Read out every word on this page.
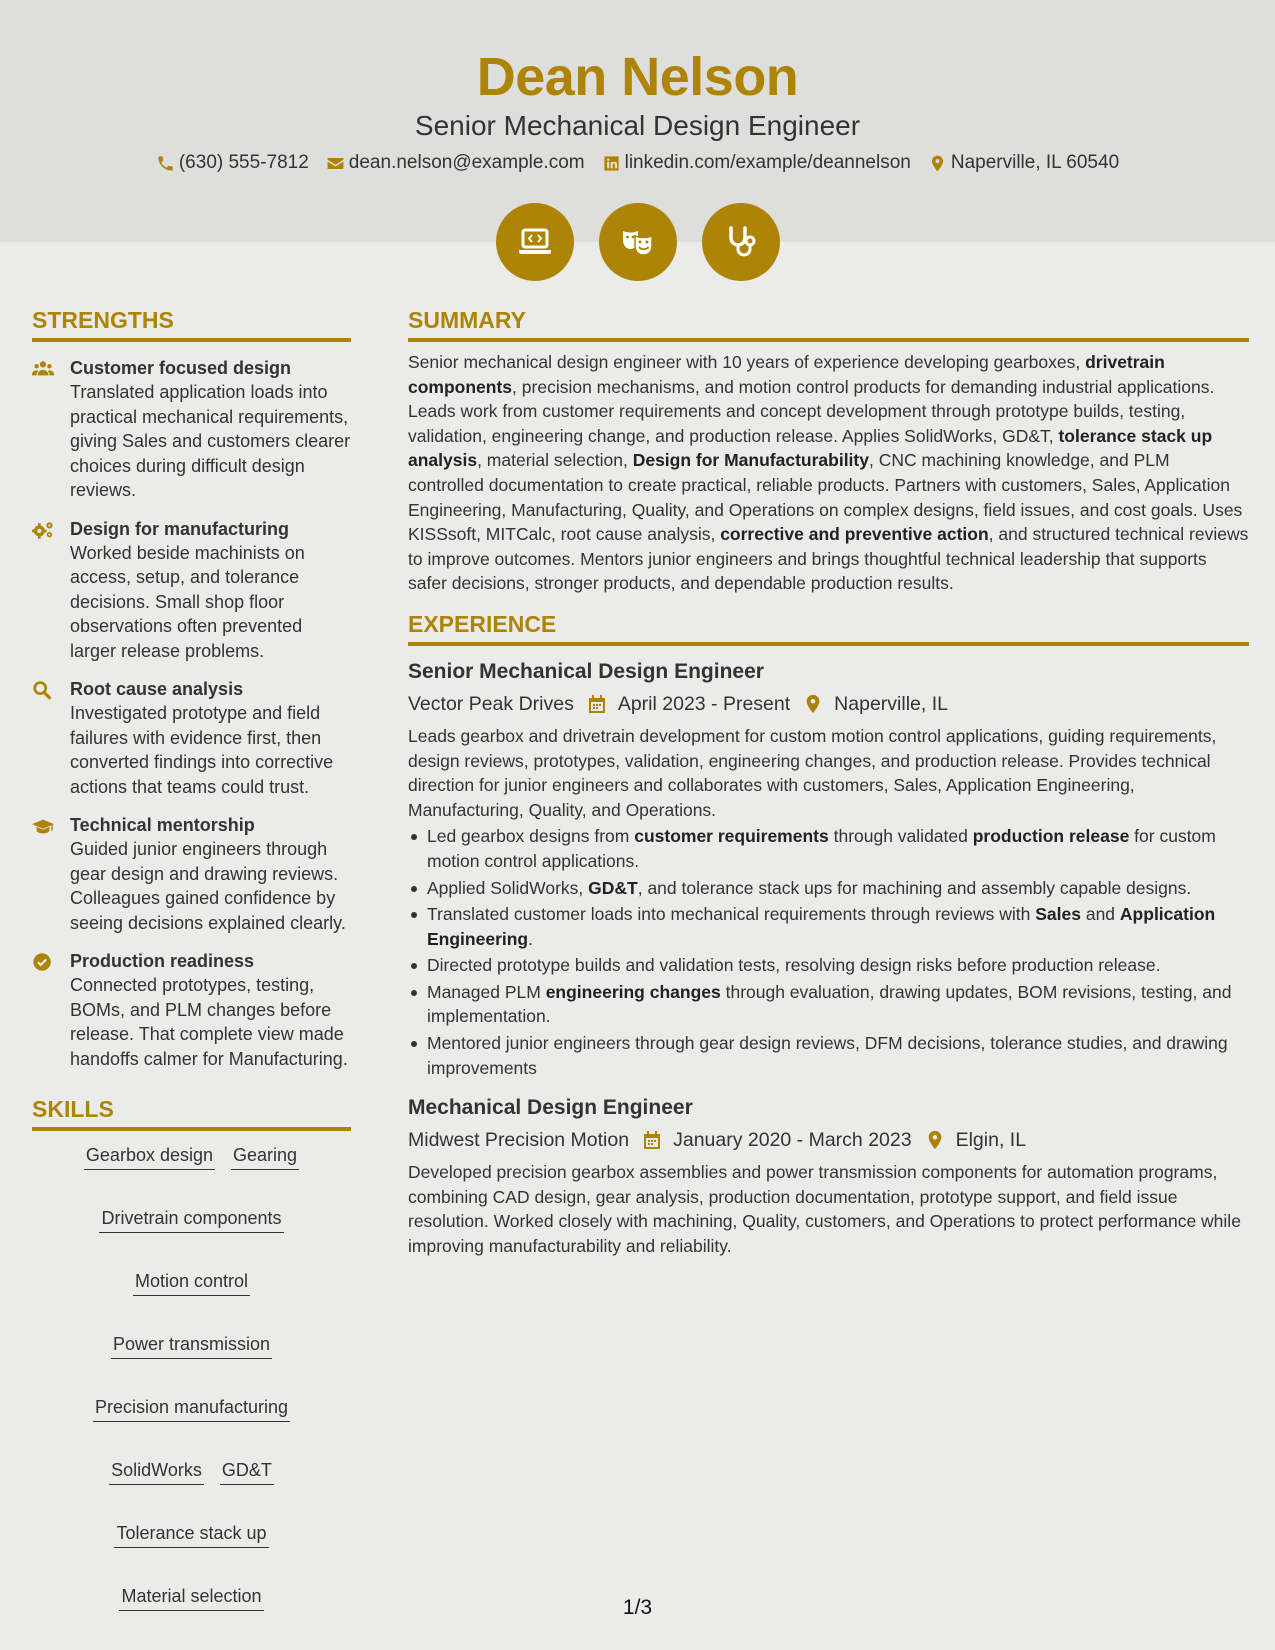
Dean Nelson
Senior Mechanical Design Engineer
(630) 555-7812 dean.nelson@example.com linkedin.com/example/deannelson Naperville, IL 60540
STRENGTHS
Customer focused design
Translated application loads into practical mechanical requirements, giving Sales and customers clearer choices during difficult design reviews.
Design for manufacturing
Worked beside machinists on access, setup, and tolerance decisions. Small shop floor observations often prevented larger release problems.
Root cause analysis
Investigated prototype and field failures with evidence first, then converted findings into corrective actions that teams could trust.
Technical mentorship
Guided junior engineers through gear design and drawing reviews. Colleagues gained confidence by seeing decisions explained clearly.
Production readiness
Connected prototypes, testing, BOMs, and PLM changes before release. That complete view made handoffs calmer for Manufacturing.
SKILLS
Gearbox design Gearing
Drivetrain components
Motion control
Power transmission
Precision manufacturing
SolidWorks GD&T
Tolerance stack up
Material selection
SUMMARY

Senior mechanical design engineer with 10 years of experience developing gearboxes, drivetrain components, precision mechanisms, and motion control products for demanding industrial applications. Leads work from customer requirements and concept development through prototype builds, testing, validation, engineering change, and production release. Applies SolidWorks, GD&T, tolerance stack up analysis, material selection, Design for Manufacturability, CNC machining knowledge, and PLM controlled documentation to create practical, reliable products. Partners with customers, Sales, Application Engineering, Manufacturing, Quality, and Operations on complex designs, field issues, and cost goals. Uses KISSsoft, MITCalc, root cause analysis, corrective and preventive action, and structured technical reviews to improve outcomes. Mentors junior engineers and brings thoughtful technical leadership that supports safer decisions, stronger products, and dependable production results.

EXPERIENCE
Senior Mechanical Design Engineer
Vector Peak Drives April 2023 - Present Naperville, IL

Leads gearbox and drivetrain development for custom motion control applications, guiding requirements, design reviews, prototypes, validation, engineering changes, and production release. Provides technical direction for junior engineers and collaborates with customers, Sales, Application Engineering, Manufacturing, Quality, and Operations.

Led gearbox designs from customer requirements through validated production release for custom motion control applications.
Applied SolidWorks, GD&T, and tolerance stack ups for machining and assembly capable designs.
Translated customer loads into mechanical requirements through reviews with Sales and Application Engineering.
Directed prototype builds and validation tests, resolving design risks before production release.
Managed PLM engineering changes through evaluation, drawing updates, BOM revisions, testing, and implementation.
Mentored junior engineers through gear design reviews, DFM decisions, tolerance studies, and drawing improvements
Mechanical Design Engineer
Midwest Precision Motion January 2020 - March 2023 Elgin, IL

Developed precision gearbox assemblies and power transmission components for automation programs, combining CAD design, gear analysis, production documentation, prototype support, and field issue resolution. Worked closely with machining, Quality, customers, and Operations to protect performance while improving manufacturability and reliability.

1/3
